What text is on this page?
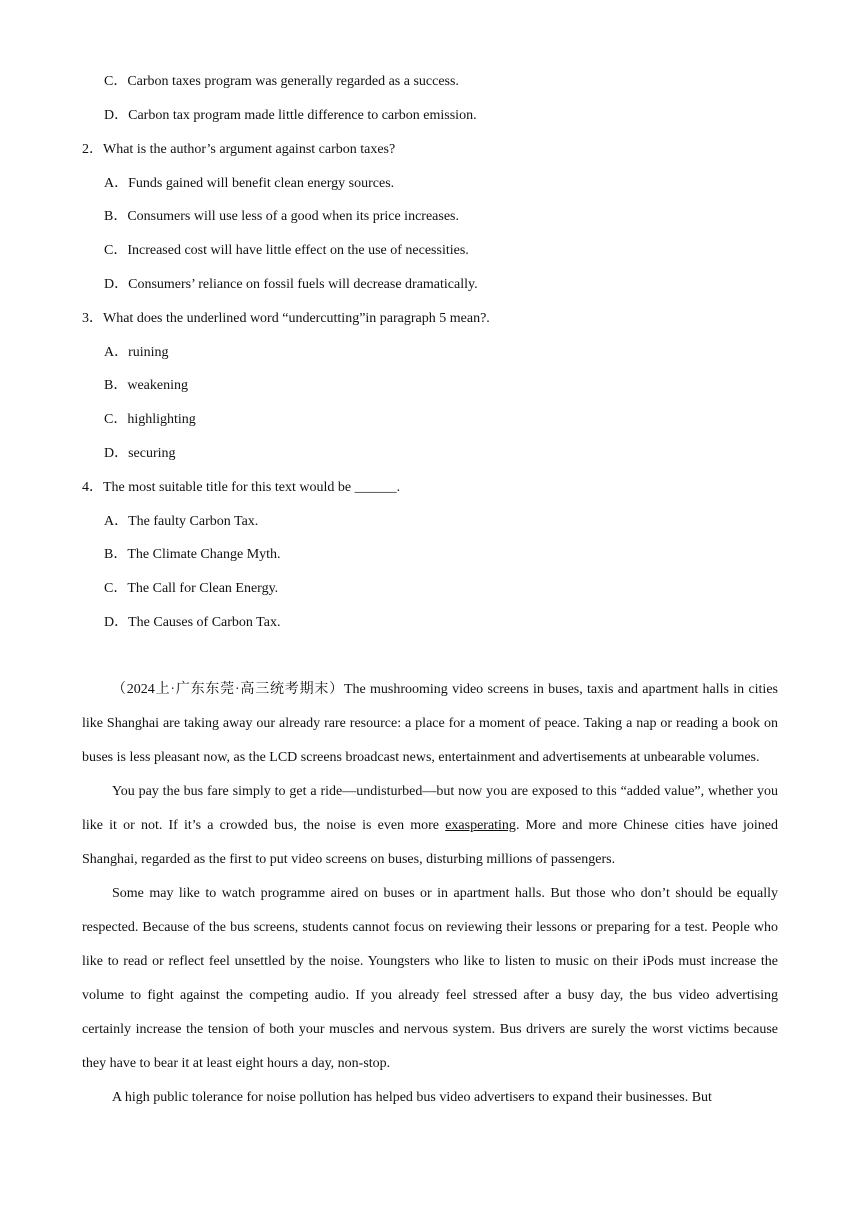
C．Carbon taxes program was generally regarded as a success.
D．Carbon tax program made little difference to carbon emission.
2．What is the author’s argument against carbon taxes?
A．Funds gained will benefit clean energy sources.
B．Consumers will use less of a good when its price increases.
C．Increased cost will have little effect on the use of necessities.
D．Consumers’ reliance on fossil fuels will decrease dramatically.
3．What does the underlined word “undercutting”in paragraph 5 mean?.
A．ruining
B．weakening
C．highlighting
D．securing
4．The most suitable title for this text would be ______.
A．The faulty Carbon Tax.
B．The Climate Change Myth.
C．The Call for Clean Energy.
D．The Causes of Carbon Tax.

（2024上·广东东莞·高三统考期末）The mushrooming video screens in buses, taxis and apartment halls in cities like Shanghai are taking away our already rare resource: a place for a moment of peace. Taking a nap or reading a book on buses is less pleasant now, as the LCD screens broadcast news, entertainment and advertisements at unbearable volumes.

You pay the bus fare simply to get a ride—undisturbed—but now you are exposed to this “added value”, whether you like it or not. If it’s a crowded bus, the noise is even more exasperating. More and more Chinese cities have joined Shanghai, regarded as the first to put video screens on buses, disturbing millions of passengers.

Some may like to watch programme aired on buses or in apartment halls. But those who don’t should be equally respected. Because of the bus screens, students cannot focus on reviewing their lessons or preparing for a test. People who like to read or reflect feel unsettled by the noise. Youngsters who like to listen to music on their iPods must increase the volume to fight against the competing audio. If you already feel stressed after a busy day, the bus video advertising certainly increase the tension of both your muscles and nervous system. Bus drivers are surely the worst victims because they have to bear it at least eight hours a day, non-stop.

A high public tolerance for noise pollution has helped bus video advertisers to expand their businesses. But
